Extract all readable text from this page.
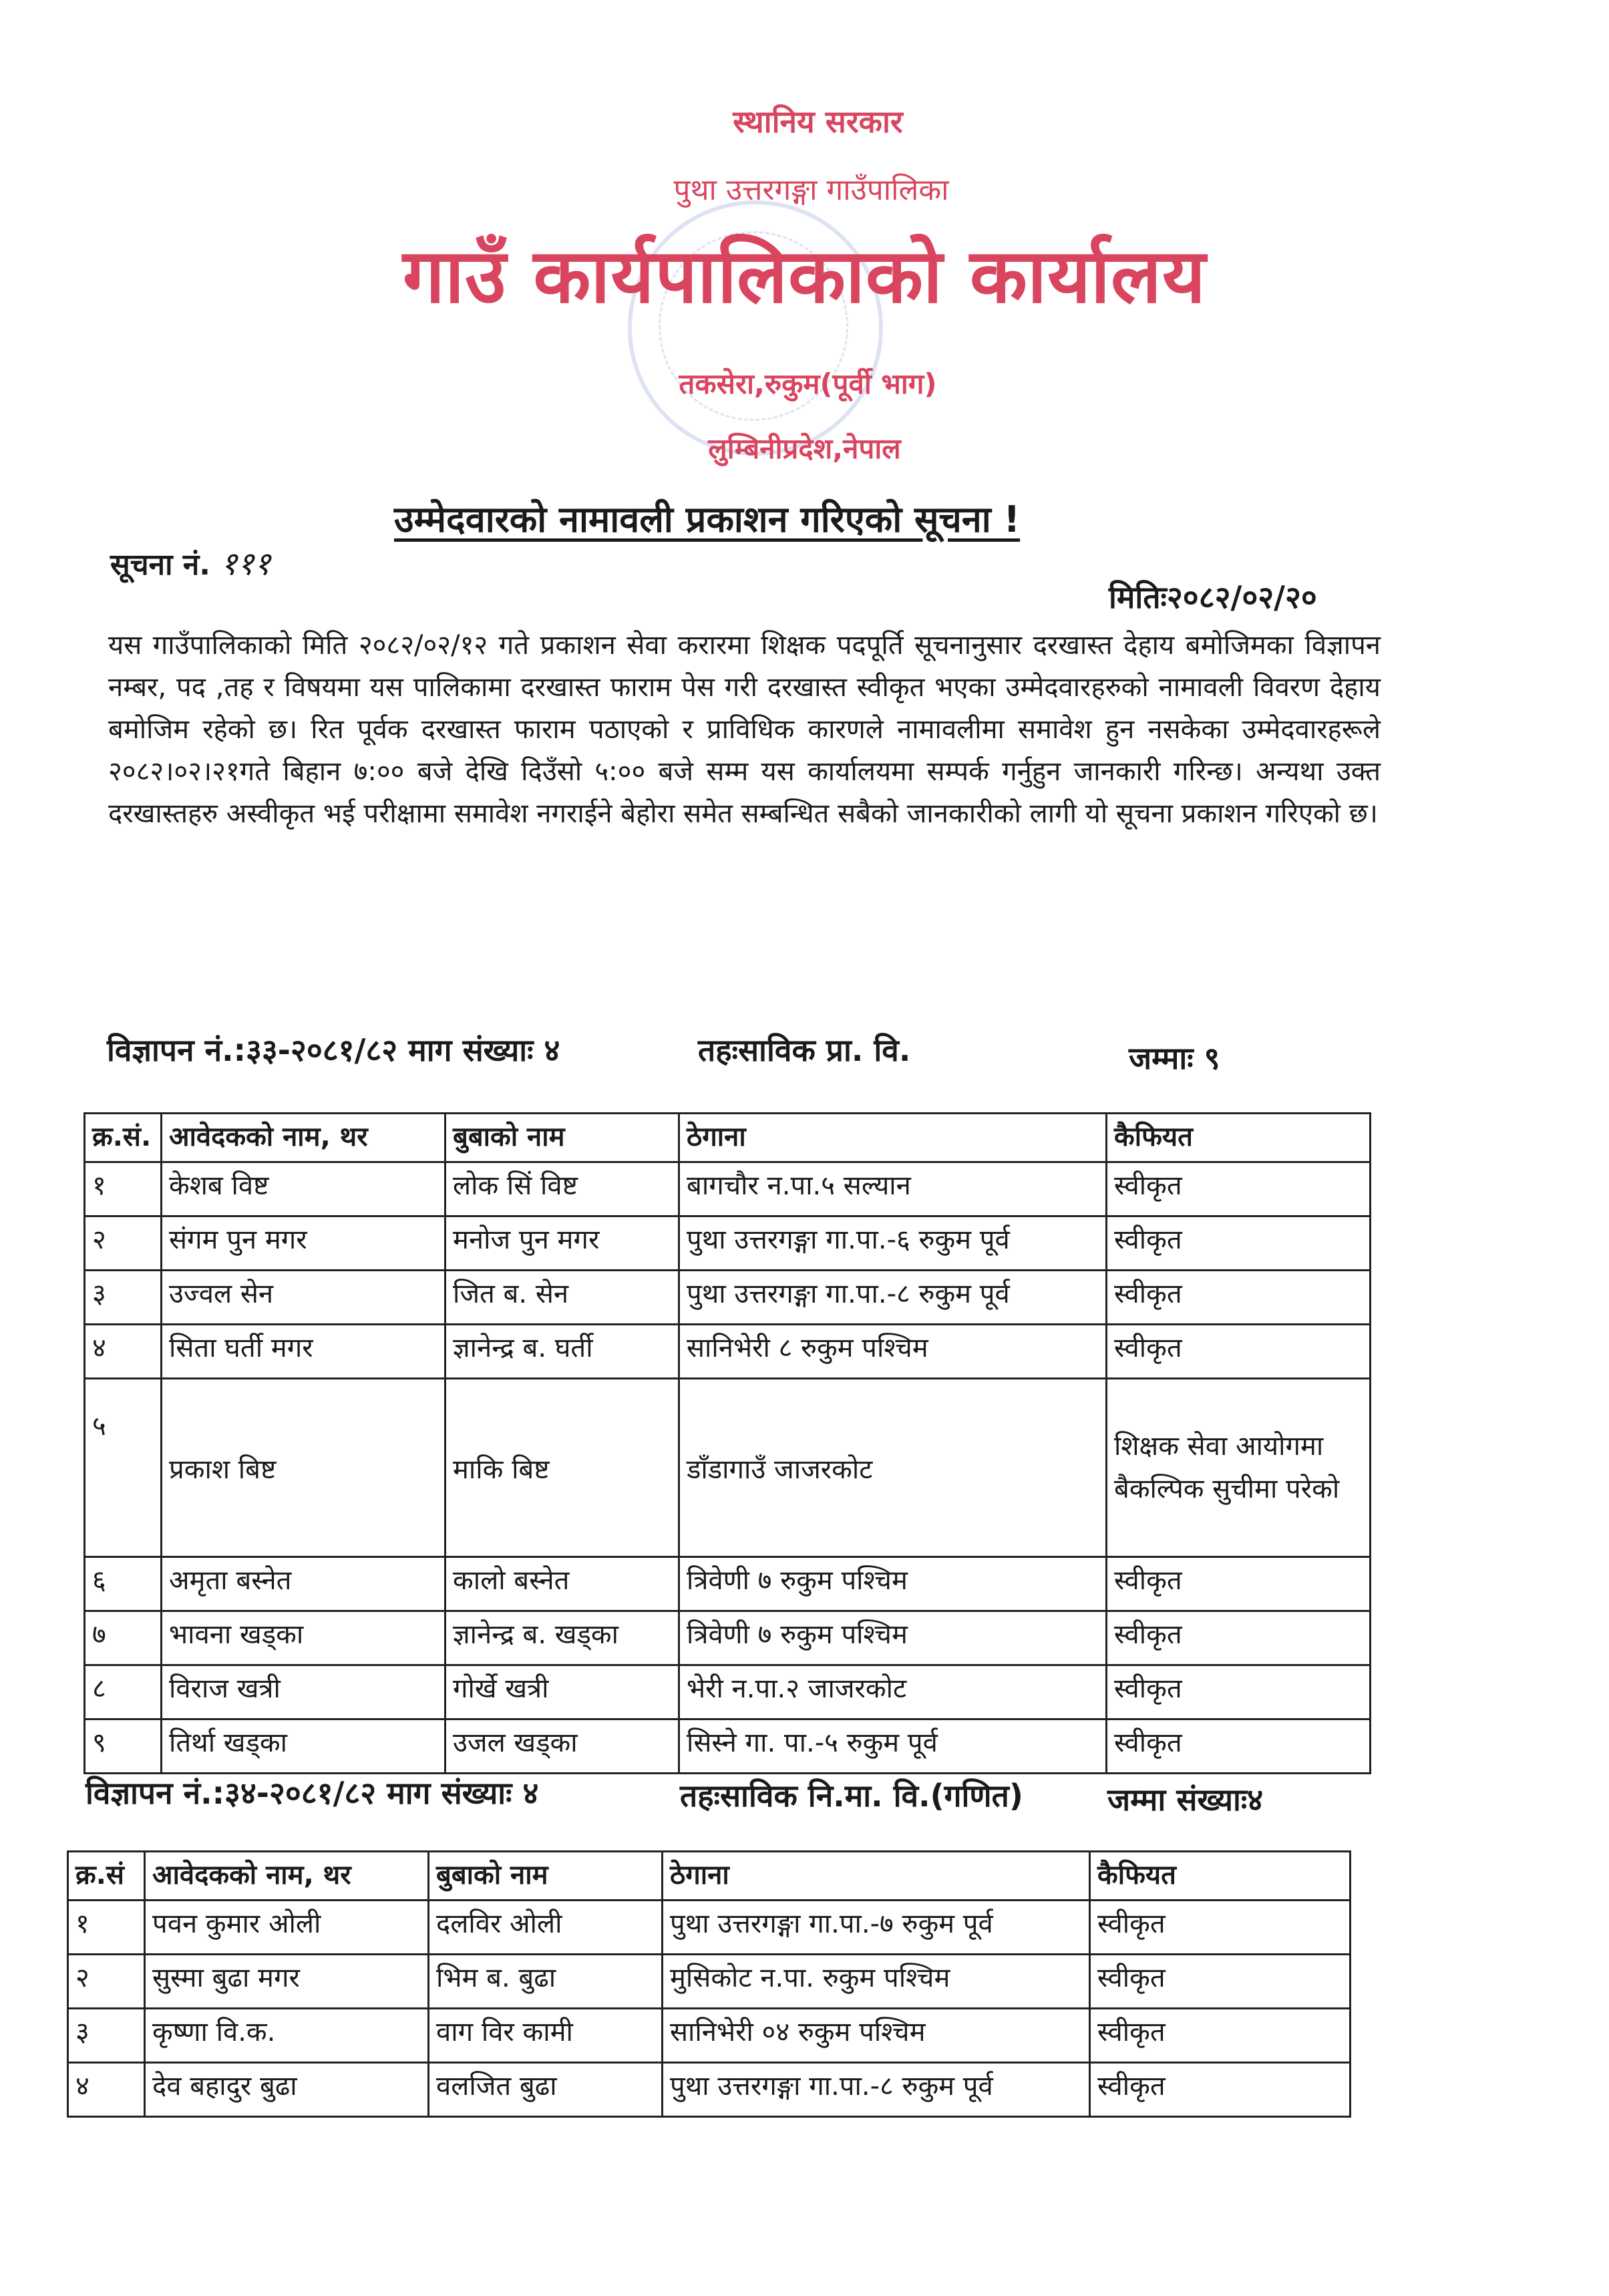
स्थानिय सरकार
पुथा उत्तरगङ्गा गाउँपालिका
गाउँ कार्यपालिकाको कार्यालय
तकसेरा,रुकुम(पूर्वी भाग)
लुम्बिनीप्रदेश,नेपाल
उम्मेदवारको नामावली प्रकाशन गरिएको सूचना !
सूचना नं. १११
मितिः२०८२/०२/२०
यस गाउँपालिकाको मिति २०८२/०२/१२ गते प्रकाशन सेवा करारमा शिक्षक पदपूर्ति सूचनानुसार दरखास्त देहाय बमोजिमका विज्ञापन नम्बर, पद ,तह र विषयमा यस पालिकामा दरखास्त फाराम पेस गरी दरखास्त स्वीकृत भएका उम्मेदवारहरुको नामावली विवरण देहाय बमोजिम रहेको छ। रित पूर्वक दरखास्त फाराम पठाएको र प्राविधिक कारणले नामावलीमा समावेश हुन नसकेका उम्मेदवारहरूले २०८२।०२।२१गते बिहान ७:०० बजे देखि दिउँसो ५:०० बजे सम्म यस कार्यालयमा सम्पर्क गर्नुहुन जानकारी गरिन्छ। अन्यथा उक्त दरखास्तहरु अस्वीकृत भई परीक्षामा समावेश नगराईने बेहोरा समेत सम्बन्धित सबैको जानकारीको लागी यो सूचना प्रकाशन गरिएको छ।
विज्ञापन नं.:३३-२०८१/८२ माग संख्याः ४	तहःसाविक प्रा. वि.	जम्माः ९
क्र.सं.	आवेदकको नाम, थर	बुबाको नाम	ठेगाना	कैफियत
१	केशब विष्ट	लोक सिं विष्ट	बागचौर न.पा.५ सल्यान	स्वीकृत
२	संगम पुन मगर	मनोज पुन मगर	पुथा उत्तरगङ्गा गा.पा.-६ रुकुम पूर्व	स्वीकृत
३	उज्वल सेन	जित ब. सेन	पुथा उत्तरगङ्गा गा.पा.-८ रुकुम पूर्व	स्वीकृत
४	सिता घर्ती मगर	ज्ञानेन्द्र ब. घर्ती	सानिभेरी ८ रुकुम पश्चिम	स्वीकृत
५	प्रकाश बिष्ट	माकि बिष्ट	डाँडागाउँ जाजरकोट	शिक्षक सेवा आयोगमा बैकल्पिक सुचीमा परेको
६	अमृता बस्नेत	कालो बस्नेत	त्रिवेणी ७ रुकुम पश्चिम	स्वीकृत
७	भावना खड्का	ज्ञानेन्द्र ब. खड्का	त्रिवेणी ७ रुकुम पश्चिम	स्वीकृत
८	विराज खत्री	गोर्खे खत्री	भेरी न.पा.२ जाजरकोट	स्वीकृत
९	तिर्था खड्का	उजल खड्का	सिस्ने गा. पा.-५ रुकुम पूर्व	स्वीकृत
विज्ञापन नं.:३४-२०८१/८२ माग संख्याः ४	तहःसाविक नि.मा. वि.(गणित)	जम्मा संख्याः४
क्र.सं	आवेदकको नाम, थर	बुबाको नाम	ठेगाना	कैफियत
१	पवन कुमार ओली	दलविर ओली	पुथा उत्तरगङ्गा गा.पा.-७ रुकुम पूर्व	स्वीकृत
२	सुस्मा बुढा मगर	भिम ब. बुढा	मुसिकोट न.पा. रुकुम पश्चिम	स्वीकृत
३	कृष्णा वि.क.	वाग विर कामी	सानिभेरी ०४ रुकुम पश्चिम	स्वीकृत
४	देव बहादुर बुढा	वलजित बुढा	पुथा उत्तरगङ्गा गा.पा.-८ रुकुम पूर्व	स्वीकृत
